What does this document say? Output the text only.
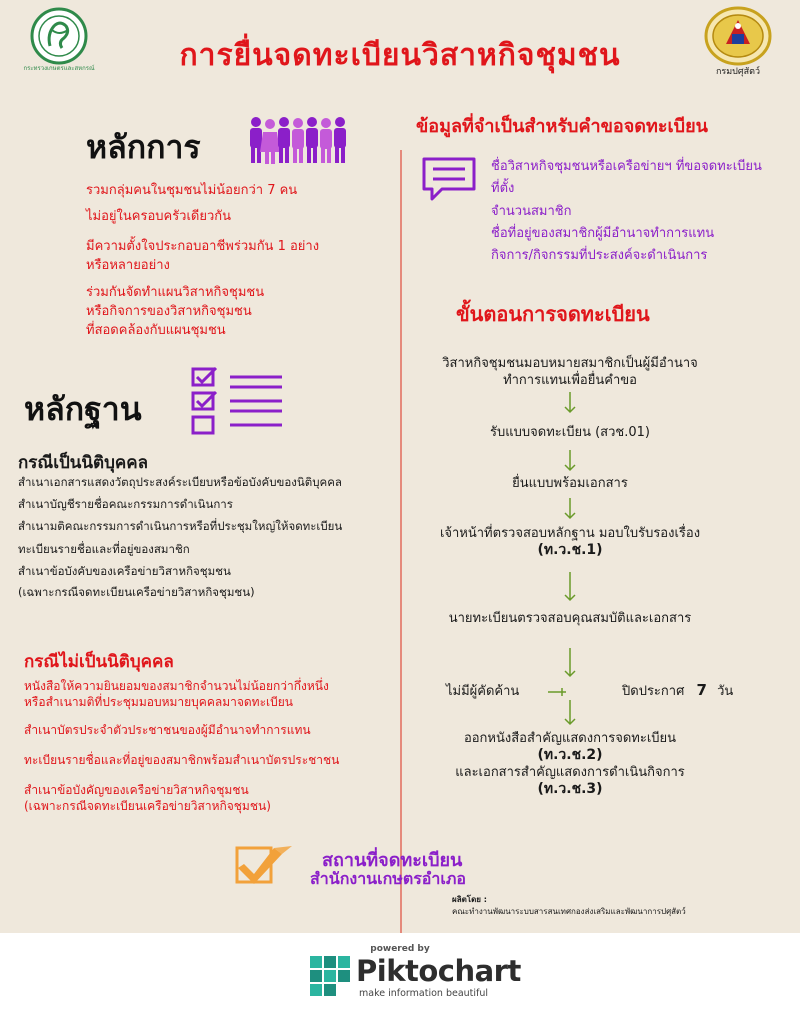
กระทรวงเกษตรและสหกรณ์	กรมปศุสัตว์
การยื่นจดทะเบียนวิสาหกิจชุมชน
หลักการ
รวมกลุ่มคนในชุมชนไม่น้อยกว่า 7 คน
ไม่อยู่ในครอบครัวเดียวกัน
มีความตั้งใจประกอบอาชีพร่วมกัน 1 อย่าง
หรือหลายอย่าง
ร่วมกันจัดทำแผนวิสาหกิจชุมชน
หรือกิจการของวิสาหกิจชุมชน
ที่สอดคล้องกับแผนชุมชน
หลักฐาน
กรณีเป็นนิติบุคคล
สำเนาเอกสารแสดงวัตถุประสงค์ระเบียบหรือข้อบังคับของนิติบุคคล
สำเนาบัญชีรายชื่อคณะกรรมการดำเนินการ
สำเนามติคณะกรรมการดำเนินการหรือที่ประชุมใหญ่ให้จดทะเบียน
ทะเบียนรายชื่อและที่อยู่ของสมาชิก
สำเนาข้อบังคับของเครือข่ายวิสาหกิจชุมชน
(เฉพาะกรณีจดทะเบียนเครือข่ายวิสาหกิจชุมชน)
กรณีไม่เป็นนิติบุคคล
หนังสือให้ความยินยอมของสมาชิกจำนวนไม่น้อยกว่ากึ่งหนึ่ง
หรือสำเนามติที่ประชุมมอบหมายบุคคลมาจดทะเบียน
สำเนาบัตรประจำตัวประชาชนของผู้มีอำนาจทำการแทน
ทะเบียนรายชื่อและที่อยู่ของสมาชิกพร้อมสำเนาบัตรประชาชน
สำเนาข้อบังคัญของเครือข่ายวิสาหกิจชุมชน
(เฉพาะกรณีจดทะเบียนเครือข่ายวิสาหกิจชุมชน)
ข้อมูลที่จำเป็นสำหรับคำขอจดทะเบียน
ชื่อวิสาหกิจชุมชนหรือเครือข่ายฯ ที่ขอจดทะเบียน
ที่ตั้ง
จำนวนสมาชิก
ชื่อที่อยู่ของสมาชิกผู้มีอำนาจทำการแทน
กิจการ/กิจกรรมที่ประสงค์จะดำเนินการ
ขั้นตอนการจดทะเบียน
วิสาหกิจชุมชนมอบหมายสมาชิกเป็นผู้มีอำนาจ
ทำการแทนเพื่อยื่นคำขอ
รับแบบจดทะเบียน (สวช.01)
ยื่นแบบพร้อมเอกสาร
เจ้าหน้าที่ตรวจสอบหลักฐาน มอบใบรับรองเรื่อง
(ท.ว.ช.1)
นายทะเบียนตรวจสอบคุณสมบัติและเอกสาร
ไม่มีผู้คัดค้าน	ปิดประกาศ 7 วัน
ออกหนังสือสำคัญแสดงการจดทะเบียน
(ท.ว.ช.2)
และเอกสารสำคัญแสดงการดำเนินกิจการ
(ท.ว.ช.3)
สถานที่จดทะเบียน
สำนักงานเกษตรอำเภอ
ผลิตโดย :
คณะทำงานพัฒนาระบบสารสนเทศกองส่งเสริมและพัฒนาการปศุสัตว์
powered by
Piktochart
make information beautiful
